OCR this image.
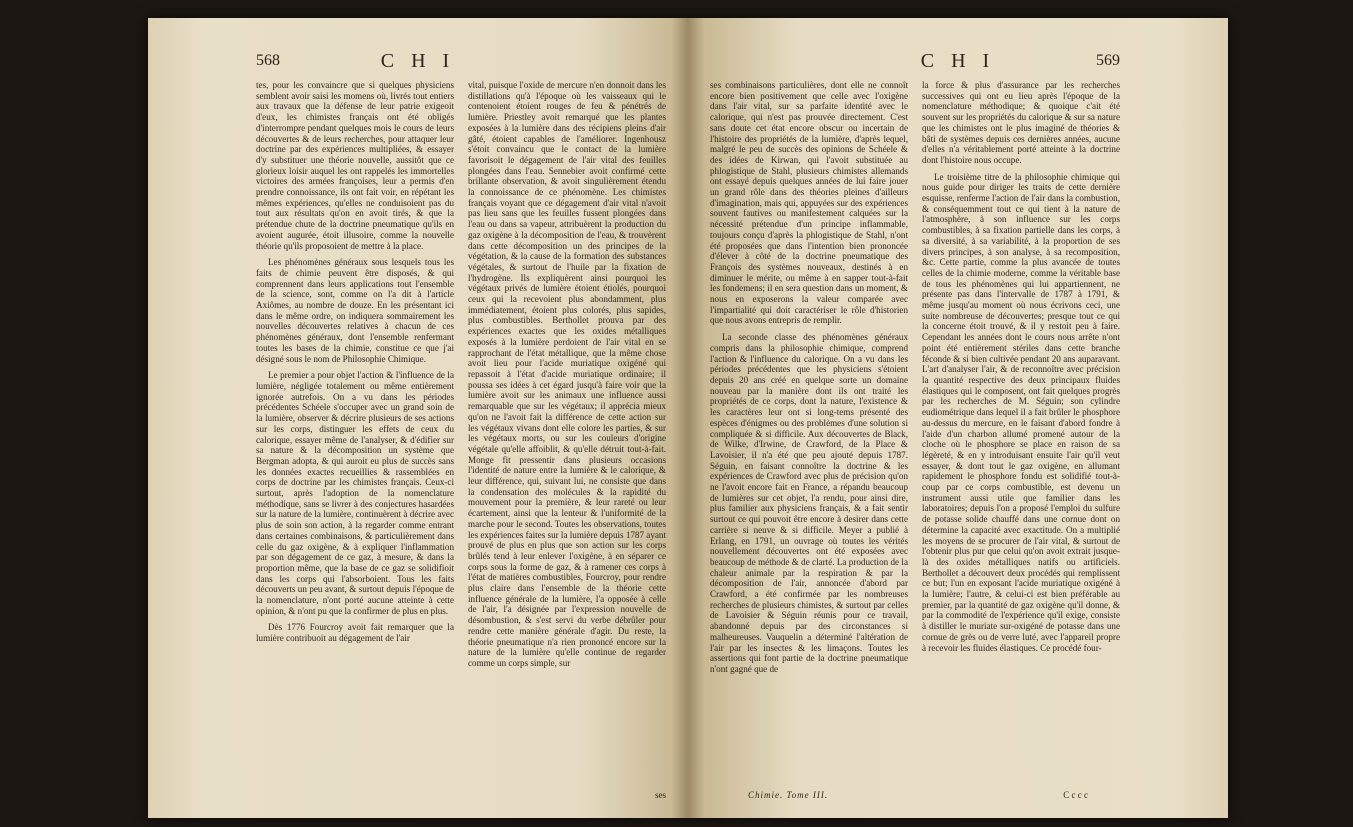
568	C H I

tes, pour les convaincre que si quelques physiciens semblent avoir saisi les momens où, livrés tout entiers aux travaux que la défense de leur patrie exigeoit d'eux, les chimistes français ont été obligés d'interrompre pendant quelques mois le cours de leurs découvertes & de leurs recherches, pour attaquer leur doctrine par des expériences multipliées, & essayer d'y substituer une théorie nouvelle, aussitôt que ce glorieux loisir auquel les ont rappelés les immortelles victoires des armées françoises, leur a permis d'en prendre connoissance, ils ont fait voir, en répétant les mêmes expériences, qu'elles ne conduisoient pas du tout aux résultats qu'on en avoit tirés, & que la prétendue chute de la doctrine pneumatique qu'ils en avoient augurée, étoit illusoire, comme la nouvelle théorie qu'ils proposoient de mettre à la place.

Les phénomènes généraux sous lesquels tous les faits de chimie peuvent être disposés, & qui comprennent dans leurs applications tout l'ensemble de la science, sont, comme on l'a dit à l'article Axiômes, au nombre de douze. En les présentant ici dans le même ordre, on indiquera sommairement les nouvelles découvertes relatives à chacun de ces phénomènes généraux, dont l'ensemble renfermant toutes les bases de la chimie, constitue ce que j'ai désigné sous le nom de Philosophie Chimique.

Le premier a pour objet l'action & l'influence de la lumière, négligée totalement ou même entièrement ignorée autrefois. On a vu dans les périodes précédentes Schéele s'occuper avec un grand soin de la lumière, observer & décrire plusieurs de ses actions sur les corps, distinguer les effets de ceux du calorique, essayer même de l'analyser, & d'édifier sur sa nature & la décomposition un système que Bergman adopta, & qui auroit eu plus de succès sans les données exactes recueillies & rassemblées en corps de doctrine par les chimistes français. Ceux-ci surtout, après l'adoption de la nomenclature méthodique, sans se livrer à des conjectures hasardées sur la nature de la lumière, continuèrent à décrire avec plus de soin son action, à la regarder comme entrant dans certaines combinaisons, & particulièrement dans celle du gaz oxigène, & à expliquer l'inflammation par son dégagement de ce gaz, à mesure, & dans la proportion même, que la base de ce gaz se solidifioit dans les corps qui l'absorboient. Tous les faits découverts un peu avant, & surtout depuis l'époque de la nomenclature, n'ont porté aucune atteinte à cette opinion, & n'ont pu que la confirmer de plus en plus.

Dès 1776 Fourcroy avoit fait remarquer que la lumière contribuoit au dégagement de l'air

vital, puisque l'oxide de mercure n'en donnoit dans les distillations qu'à l'époque où les vaisseaux qui le contenoient étoient rouges de feu & pénétrés de lumière. Priestley avoit remarqué que les plantes exposées à la lumière dans des récipiens pleins d'air gâté, étoient capables de l'améliorer. Ingenhousz s'étoit convaincu que le contact de la lumière favorisoit le dégagement de l'air vital des feuilles plongées dans l'eau. Sennebier avoit confirmé cette brillante observation, & avoit singulièrement étendu la connoissance de ce phénomène. Les chimistes français voyant que ce dégagement d'air vital n'avoit pas lieu sans que les feuilles fussent plongées dans l'eau ou dans sa vapeur, attribuèrent la production du gaz oxigène à la décomposition de l'eau, & trouvèrent dans cette décomposition un des principes de la végétation, & la cause de la formation des substances végétales, & surtout de l'huile par la fixation de l'hydrogène. Ils expliquèrent ainsi pourquoi les végétaux privés de lumière étoient étiolés, pourquoi ceux qui la recevoient plus abondamment, plus immédiatement, étoient plus colorés, plus sapides, plus combustibles. Berthollet prouva par des expériences exactes que les oxides métalliques exposés à la lumière perdoient de l'air vital en se rapprochant de l'état métallique, que la même chose avoit lieu pour l'acide muriatique oxigéné qui repassoit à l'état d'acide muriatique ordinaire; il poussa ses idées à cet égard jusqu'à faire voir que la lumière avoit sur les animaux une influence aussi remarquable que sur les végétaux; il apprécia mieux qu'on ne l'avoit fait la différence de cette action sur les végétaux vivans dont elle colore les parties, & sur les végétaux morts, ou sur les couleurs d'origine végétale qu'elle affoiblit, & qu'elle détruit tout-à-fait. Monge fit pressentir dans plusieurs occasions l'identité de nature entre la lumière & le calorique, & leur différence, qui, suivant lui, ne consiste que dans la condensation des molécules & la rapidité du mouvement pour la première, & leur rareté ou leur écartement, ainsi que la lenteur & l'uniformité de la marche pour le second. Toutes les observations, toutes les expériences faites sur la lumière depuis 1787 ayant prouvé de plus en plus que son action sur les corps brûlés tend à leur enlever l'oxigène, à en séparer ce corps sous la forme de gaz, & à ramener ces corps à l'état de matières combustibles, Fourcroy, pour rendre plus claire dans l'ensemble de la théorie cette influence générale de la lumière, l'a opposée à celle de l'air, l'a désignée par l'expression nouvelle de désombustion, & s'est servi du verbe débrûler pour rendre cette manière générale d'agir. Du reste, la théorie pneumatique n'a rien prononcé encore sur la nature de la lumière qu'elle continue de regarder comme un corps simple, sur

ses
C H I	569

ses combinaisons particulières, dont elle ne connoît encore bien positivement que celle avec l'oxigène dans l'air vital, sur sa parfaite identité avec le calorique, qui n'est pas prouvée directement. C'est sans doute cet état encore obscur ou incertain de l'histoire des propriétés de la lumière, d'après lequel, malgré le peu de succès des opinions de Schéele & des idées de Kirwan, qui l'avoit substituée au phlogistique de Stahl, plusieurs chimistes allemands ont essayé depuis quelques années de lui faire jouer un grand rôle dans des théories pleines d'ailleurs d'imagination, mais qui, appuyées sur des expériences souvent fautives ou manifestement calquées sur la nécessité prétendue d'un principe inflammable, toujours conçu d'après la phlogistique de Stahl, n'ont été proposées que dans l'intention bien prononcée d'élever à côté de la doctrine pneumatique des François des systèmes nouveaux, destinés à en diminuer le mérite, ou même à en sapper tout-à-fait les fondemens; il en sera question dans un moment, & nous en exposerons la valeur comparée avec l'impartialité qui doit caractériser le rôle d'historien que nous avons entrepris de remplir.

La seconde classe des phénomènes généraux compris dans la philosophie chimique, comprend l'action & l'influence du calorique. On a vu dans les périodes précédentes que les physiciens s'étoient depuis 20 ans créé en quelque sorte un domaine nouveau par la manière dont ils ont traité les propriétés de ce corps, dont la nature, l'existence & les caractères leur ont si long-tems présenté des espèces d'énigmes ou des problèmes d'une solution si compliquée & si difficile. Aux découvertes de Black, de Wilke, d'Irwine, de Crawford, de la Place & Lavoisier, il n'a été que peu ajouté depuis 1787. Séguin, en faisant connoître la doctrine & les expériences de Crawford avec plus de précision qu'on ne l'avoit encore fait en France, a répandu beaucoup de lumières sur cet objet, l'a rendu, pour ainsi dire, plus familier aux physiciens français, & a fait sentir surtout ce qui pouvoit être encore à desirer dans cette carrière si neuve & si difficile. Meyer a publié à Erlang, en 1791, un ouvrage où toutes les vérités nouvellement découvertes ont été exposées avec beaucoup de méthode & de clarté. La production de la chaleur animale par la respiration & par la décomposition de l'air, annoncée d'abord par Crawford, a été confirmée par les nombreuses recherches de plusieurs chimistes, & surtout par celles de Lavoisier & Séguin réunis pour ce travail, abandonné depuis par des circonstances si malheureuses. Vauquelin a déterminé l'altération de l'air par les insectes & les limaçons. Toutes les assertions qui font partie de la doctrine pneumatique n'ont gagné que de

la force & plus d'assurance par les recherches successives qui ont eu lieu après l'époque de la nomenclature méthodique; & quoique c'ait été souvent sur les propriétés du calorique & sur sa nature que les chimistes ont le plus imaginé de théories & bâti de systèmes depuis ces dernières années, aucune d'elles n'a véritablement porté atteinte à la doctrine dont l'histoire nous occupe.

Le troisième titre de la philosophie chimique qui nous guide pour diriger les traits de cette dernière esquisse, renferme l'action de l'air dans la combustion, & conséquemment tout ce qui tient à la nature de l'atmosphère, à son influence sur les corps combustibles, à sa fixation partielle dans les corps, à sa diversité, à sa variabilité, à la proportion de ses divers principes, à son analyse, à sa recomposition, &c. Cette partie, comme la plus avancée de toutes celles de la chimie moderne, comme la véritable base de tous les phénomènes qui lui appartiennent, ne présente pas dans l'intervalle de 1787 à 1791, & même jusqu'au moment où nous écrivons ceci, une suite nombreuse de découvertes; presque tout ce qui la concerne étoit trouvé, & il y restoit peu à faire. Cependant les années dont le cours nous arrête n'ont point été entièrement stériles dans cette branche féconde & si bien cultivée pendant 20 ans auparavant. L'art d'analyser l'air, & de reconnoître avec précision la quantité respective des deux principaux fluides élastiques qui le composent, ont fait quelques progrès par les recherches de M. Séguin; son cylindre eudiométrique dans lequel il a fait brûler le phosphore au-dessus du mercure, en le faisant d'abord fondre à l'aide d'un charbon allumé promené autour de la cloche où le phosphore se place en raison de sa légèreté, & en y introduisant ensuite l'air qu'il veut essayer, & dont tout le gaz oxigène, en allumant rapidement le phosphore fondu est solidifié tout-à-coup par ce corps combustible, est devenu un instrument aussi utile que familier dans les laboratoires; depuis l'on a proposé l'emploi du sulfure de potasse solide chauffé dans une cornue dont on détermine la capacité avec exactitude. On a multiplié les moyens de se procurer de l'air vital, & surtout de l'obtenir plus pur que celui qu'on avoit extrait jusque-là des oxides métalliques natifs ou artificiels. Berthollet a découvert deux procédés qui remplissent ce but; l'un en exposant l'acide muriatique oxigéné à la lumière; l'autre, & celui-ci est bien préférable au premier, par la quantité de gaz oxigène qu'il donne, & par la commodité de l'expérience qu'il exige, consiste à distiller le muriate sur-oxigéné de potasse dans une cornue de grès ou de verre luté, avec l'appareil propre à recevoir les fluides élastiques. Ce procédé four-

Chimie. Tome III.	C c c c
